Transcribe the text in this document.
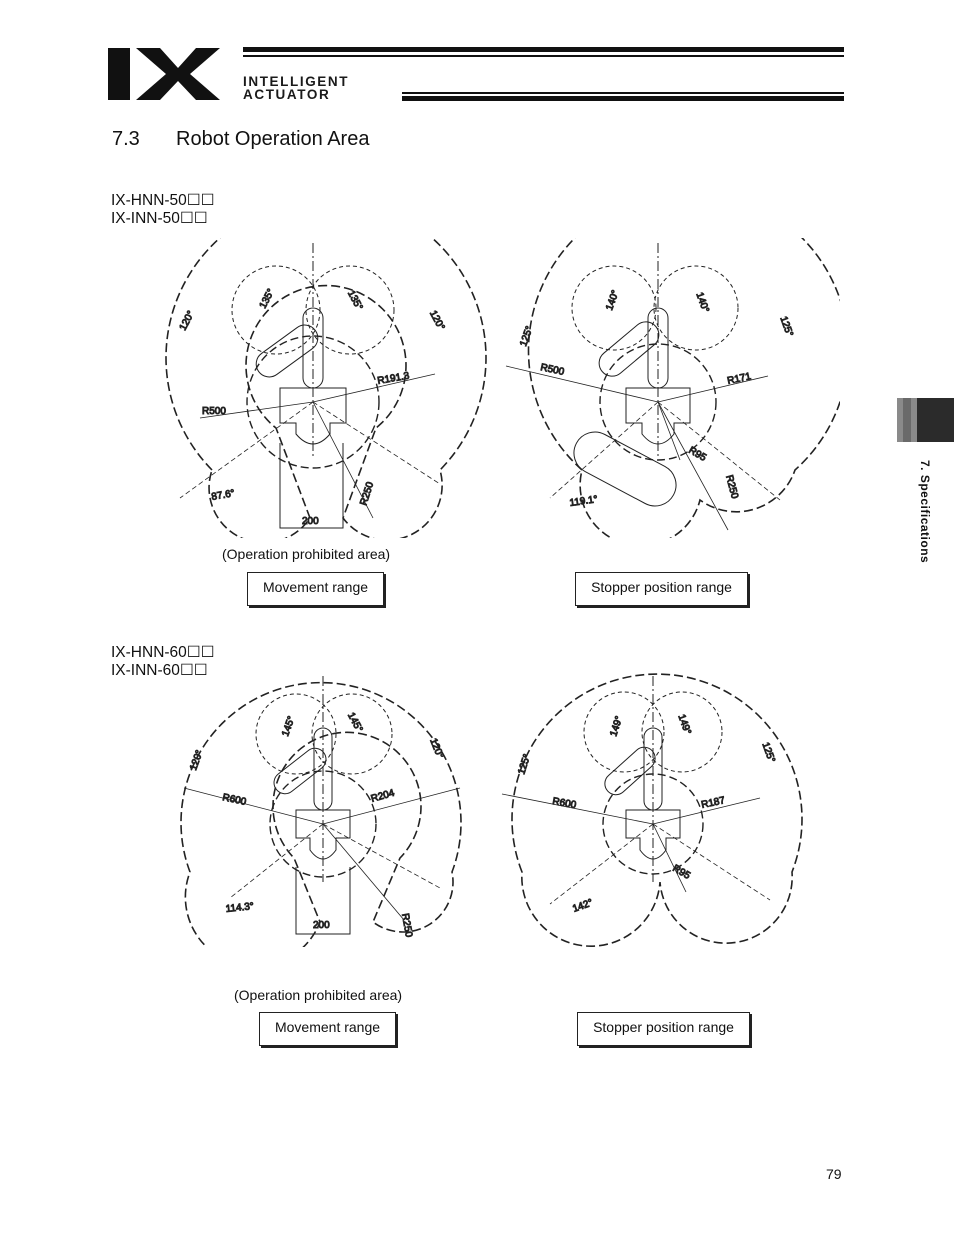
INTELLIGENT
ACTUATOR
7.3 Robot Operation Area
IX-HNN-50☐☐
IX-INN-50☐☐
120°
135°	135°
120°
R500
R191.3
R250
87.6°
200
125°
140°	140°
125°
R500
R171
R95
R250
119.1°
(Operation prohibited area)
Movement range	Stopper position range
IX-HNN-60☐☐
IX-INN-60☐☐
120°
145°	145°
120°
R600	R204
R250
114.3°
200
125°
149°	149°
125°
R600	R187
R95
142°
(Operation prohibited area)
Movement range	Stopper position range
7. Specifications
79
